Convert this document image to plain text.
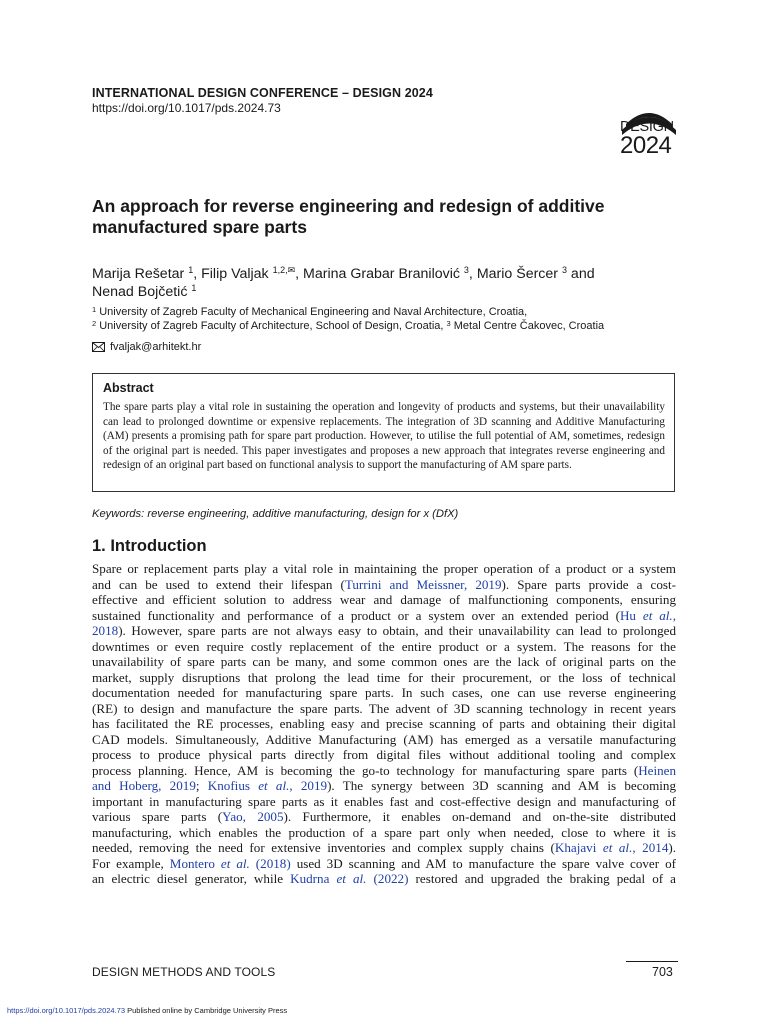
INTERNATIONAL DESIGN CONFERENCE – DESIGN 2024
https://doi.org/10.1017/pds.2024.73
DESIGN
2024
An approach for reverse engineering and redesign of additive manufactured spare parts
Marija Rešetar $^1$, Filip Valjak $^{1,2,✉}$, Marina Grabar Branilović $^3$, Mario Šercer $^3$ and
Nenad Bojčetić $^1$
$^1$ University of Zagreb Faculty of Mechanical Engineering and Naval Architecture, Croatia,
$^2$ University of Zagreb Faculty of Architecture, School of Design, Croatia, $^3$ Metal Centre Čakovec, Croatia
fvaljak@arhitekt.hr
Abstract
The spare parts play a vital role in sustaining the operation and longevity of products and systems, but their unavailability can lead to prolonged downtime or expensive replacements. The integration of 3D scanning and Additive Manufacturing (AM) presents a promising path for spare part production. However, to utilise the full potential of AM, sometimes, redesign of the original part is needed. This paper investigates and proposes a new approach that integrates reverse engineering and redesign of an original part based on functional analysis to support the manufacturing of AM spare parts.
Keywords: reverse engineering, additive manufacturing, design for x (DfX)
1. Introduction
Spare or replacement parts play a vital role in maintaining the proper operation of a product or a system
and can be used to extend their lifespan (Turrini and Meissner, 2019). Spare parts provide a cost-
effective and efficient solution to address wear and damage of malfunctioning components, ensuring
sustained functionality and performance of a product or a system over an extended period (Hu et al.,
2018). However, spare parts are not always easy to obtain, and their unavailability can lead to prolonged
downtimes or even require costly replacement of the entire product or a system. The reasons for the
unavailability of spare parts can be many, and some common ones are the lack of original parts on the
market, supply disruptions that prolong the lead time for their procurement, or the loss of technical
documentation needed for manufacturing spare parts. In such cases, one can use reverse engineering
(RE) to design and manufacture the spare parts. The advent of 3D scanning technology in recent years
has facilitated the RE processes, enabling easy and precise scanning of parts and obtaining their digital
CAD models. Simultaneously, Additive Manufacturing (AM) has emerged as a versatile manufacturing
process to produce physical parts directly from digital files without additional tooling and complex
process planning. Hence, AM is becoming the go-to technology for manufacturing spare parts (Heinen
and Hoberg, 2019; Knofius et al., 2019). The synergy between 3D scanning and AM is becoming
important in manufacturing spare parts as it enables fast and cost-effective design and manufacturing of
various spare parts (Yao, 2005). Furthermore, it enables on-demand and on-the-site distributed
manufacturing, which enables the production of a spare part only when needed, close to where it is
needed, removing the need for extensive inventories and complex supply chains (Khajavi et al., 2014).
For example, Montero et al. (2018) used 3D scanning and AM to manufacture the spare valve cover of
an electric diesel generator, while Kudrna et al. (2022) restored and upgraded the braking pedal of a
DESIGN METHODS AND TOOLS	703
https://doi.org/10.1017/pds.2024.73 Published online by Cambridge University Press
